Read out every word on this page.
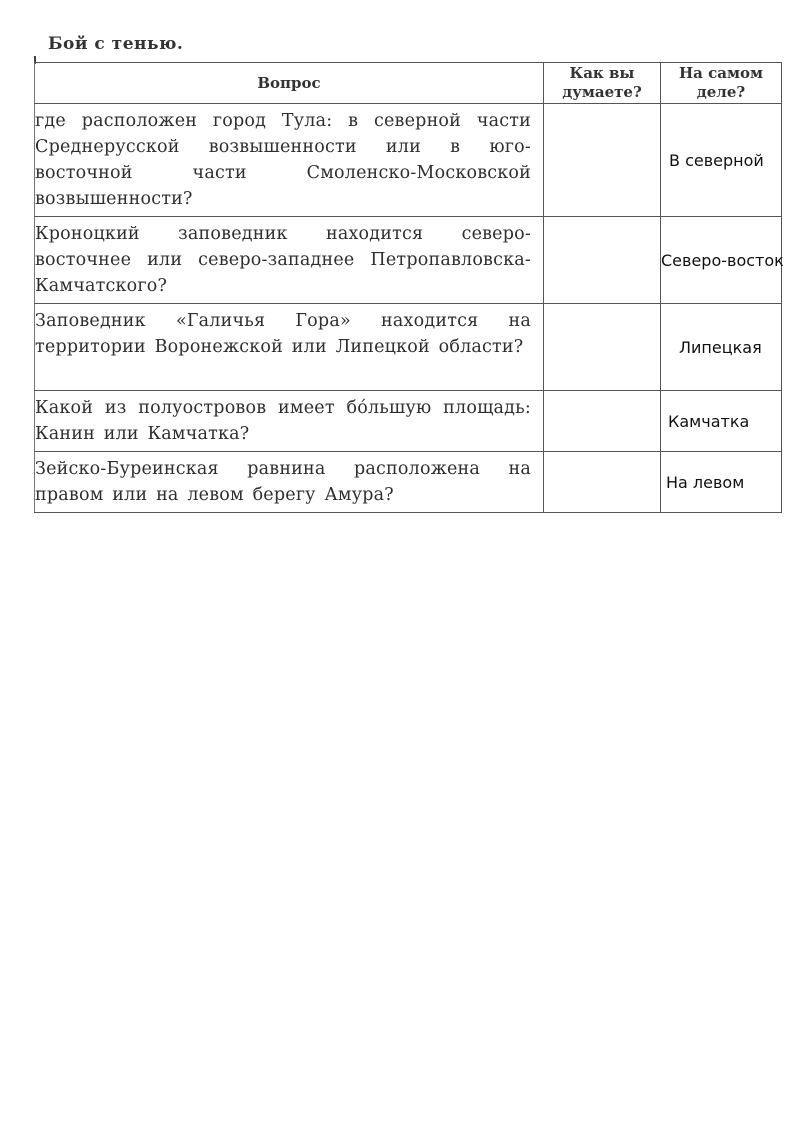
Бой с тенью.
Вопрос	Как вы думаете?	На самом деле?
где расположен город Тула: в северной части Среднерусской возвышенности или в юго-восточной части Смоленско-Московской возвышенности?		В северной
Кроноцкий заповедник находится северо-восточнее или северо-западнее Петропавловска-Камчатского?		Северо-восток
Заповедник «Галичья Гора» находится на территории Воронежской или Липецкой области?		Липецкая
Какой из полуостровов имеет бо́льшую площадь: Канин или Камчатка?		Камчатка
Зейско-Буреинская равнина расположена на правом или на левом берегу Амура?		На левом
